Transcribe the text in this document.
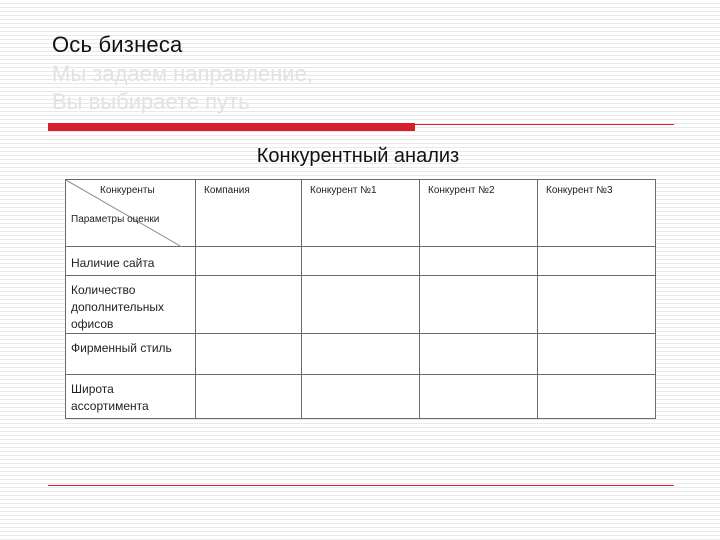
Ось бизнеса
Мы задаем направление,
Вы выбираете путь
Конкурентный анализ
Конкуренты
Параметры оценки	Компания	Конкурент №1	Конкурент №2	Конкурент №3
Наличие сайта				
Количество дополнительных офисов				
Фирменный стиль				
Широта ассортимента				
